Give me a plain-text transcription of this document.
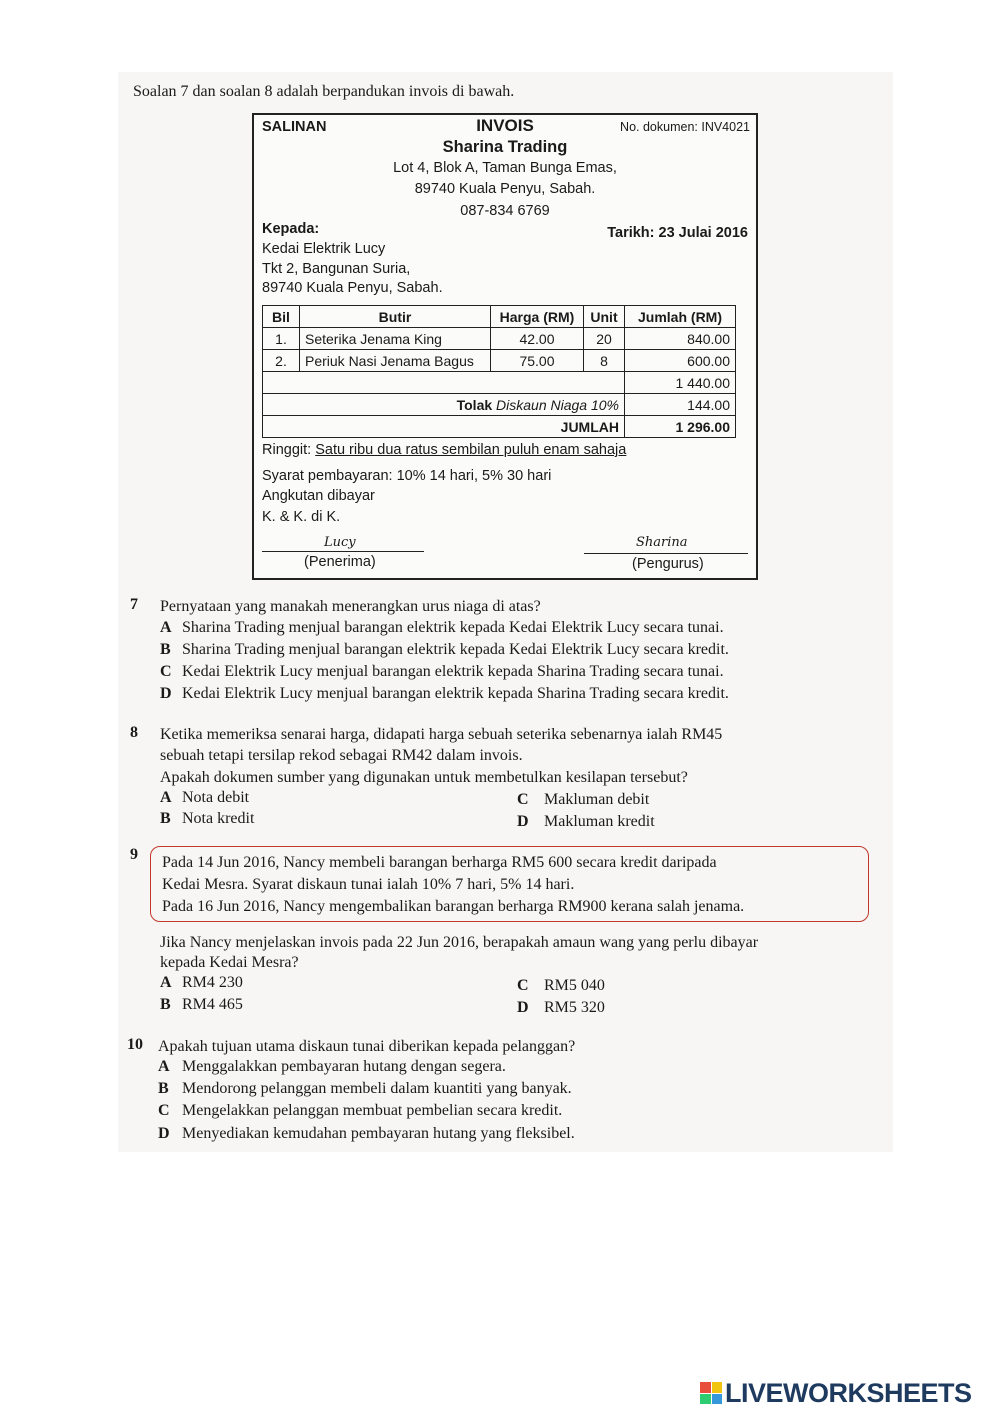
Soalan 7 dan soalan 8 adalah berpandukan invois di bawah.
SALINAN	INVOIS	No. dokumen: INV4021
Sharina Trading
Lot 4, Blok A, Taman Bunga Emas,
89740 Kuala Penyu, Sabah.
087-834 6769
Kepada:	Tarikh: 23 Julai 2016
Kedai Elektrik Lucy
Tkt 2, Bangunan Suria,
89740 Kuala Penyu, Sabah.
Bil	Butir	Harga (RM)	Unit	Jumlah (RM)
1.	Seterika Jenama King	42.00	20	840.00
2.	Periuk Nasi Jenama Bagus	75.00	8	600.00
				1 440.00
Tolak Diskaun Niaga 10%				144.00
JUMLAH				1 296.00
Ringgit: Satu ribu dua ratus sembilan puluh enam sahaja
Syarat pembayaran: 10% 14 hari, 5% 30 hari
Angkutan dibayar
K. & K. di K.
Lucy
(Penerima)
Sharina
(Pengurus)
7 Pernyataan yang manakah menerangkan urus niaga di atas?
A Sharina Trading menjual barangan elektrik kepada Kedai Elektrik Lucy secara tunai.
B Sharina Trading menjual barangan elektrik kepada Kedai Elektrik Lucy secara kredit.
C Kedai Elektrik Lucy menjual barangan elektrik kepada Sharina Trading secara tunai.
D Kedai Elektrik Lucy menjual barangan elektrik kepada Sharina Trading secara kredit.
8 Ketika memeriksa senarai harga, didapati harga sebuah seterika sebenarnya ialah RM45
sebuah tetapi tersilap rekod sebagai RM42 dalam invois.
Apakah dokumen sumber yang digunakan untuk membetulkan kesilapan tersebut?
A Nota debit
B Nota kredit
C Makluman debit
D Makluman kredit
9 Pada 14 Jun 2016, Nancy membeli barangan berharga RM5 600 secara kredit daripada
Kedai Mesra. Syarat diskaun tunai ialah 10% 7 hari, 5% 14 hari.
Pada 16 Jun 2016, Nancy mengembalikan barangan berharga RM900 kerana salah jenama.
Jika Nancy menjelaskan invois pada 22 Jun 2016, berapakah amaun wang yang perlu dibayar
kepada Kedai Mesra?
A RM4 230
B RM4 465
C RM5 040
D RM5 320
10 Apakah tujuan utama diskaun tunai diberikan kepada pelanggan?
A Menggalakkan pembayaran hutang dengan segera.
B Mendorong pelanggan membeli dalam kuantiti yang banyak.
C Mengelakkan pelanggan membuat pembelian secara kredit.
D Menyediakan kemudahan pembayaran hutang yang fleksibel.
LIVEWORKSHEETS
